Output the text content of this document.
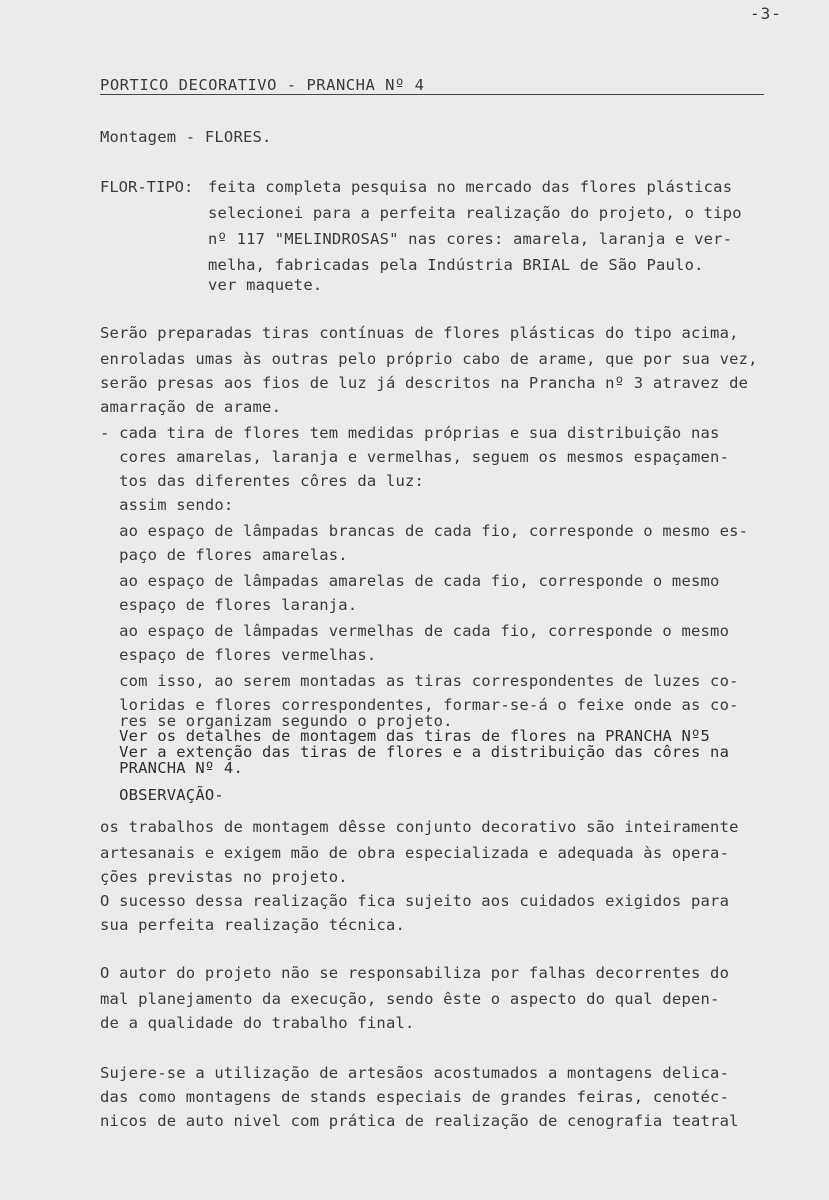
-3-
PORTICO DECORATIVO - PRANCHA Nº 4
Montagem - FLORES.
FLOR-TIPO: feita completa pesquisa no mercado das flores plásticas
selecionei para a perfeita realização do projeto, o tipo
nº 117 "MELINDROSAS" nas cores: amarela, laranja e ver-
melha, fabricadas pela Indústria BRIAL de São Paulo.
ver maquete.
Serão preparadas tiras contínuas de flores plásticas do tipo acima,
enroladas umas às outras pelo próprio cabo de arame, que por sua vez,
serão presas aos fios de luz já descritos na Prancha nº 3 atravez de
amarração de arame.
- cada tira de flores tem medidas próprias e sua distribuição nas
cores amarelas, laranja e vermelhas, seguem os mesmos espaçamen-
tos das diferentes côres da luz:
assim sendo:
ao espaço de lâmpadas brancas de cada fio, corresponde o mesmo es-
paço de flores amarelas.
ao espaço de lâmpadas amarelas de cada fio, corresponde o mesmo
espaço de flores laranja.
ao espaço de lâmpadas vermelhas de cada fio, corresponde o mesmo
espaço de flores vermelhas.
com isso, ao serem montadas as tiras correspondentes de luzes co-
loridas e flores correspondentes, formar-se-á o feixe onde as co-
res se organizam segundo o projeto.
Ver os detalhes de montagem das tiras de flores na PRANCHA Nº5
Ver a extenção das tiras de flores e a distribuição das côres na
PRANCHA Nº 4.
OBSERVAÇÃO-
os trabalhos de montagem dêsse conjunto decorativo são inteiramente
artesanais e exigem mão de obra especializada e adequada às opera-
ções previstas no projeto.
O sucesso dessa realização fica sujeito aos cuidados exigidos para
sua perfeita realização técnica.
O autor do projeto não se responsabiliza por falhas decorrentes do
mal planejamento da execução, sendo êste o aspecto do qual depen-
de a qualidade do trabalho final.
Sujere-se a utilização de artesãos acostumados a montagens delica-
das como montagens de stands especiais de grandes feiras, cenotéc-
nicos de auto nivel com prática de realização de cenografia teatral
